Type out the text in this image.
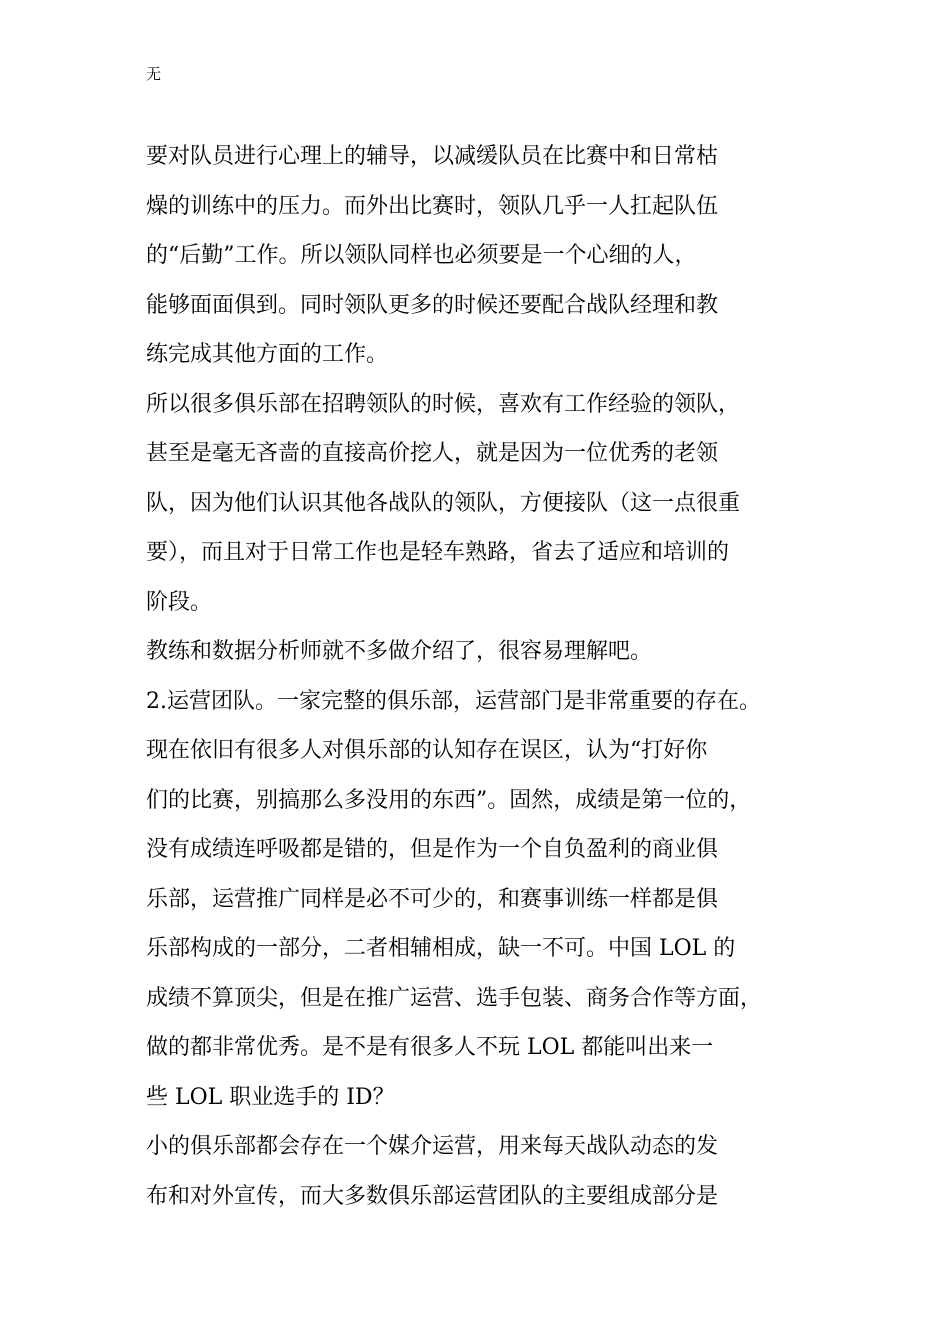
无
要对队员进行心理上的辅导，以减缓队员在比赛中和日常枯
燥的训练中的压力。而外出比赛时，领队几乎一人扛起队伍
的“后勤”工作。所以领队同样也必须要是一个心细的人，
能够面面俱到。同时领队更多的时候还要配合战队经理和教
练完成其他方面的工作。
所以很多俱乐部在招聘领队的时候，喜欢有工作经验的领队，
甚至是毫无吝啬的直接高价挖人，就是因为一位优秀的老领
队，因为他们认识其他各战队的领队，方便接队（这一点很重
要），而且对于日常工作也是轻车熟路，省去了适应和培训的
阶段。
教练和数据分析师就不多做介绍了，很容易理解吧。
2.运营团队。一家完整的俱乐部，运营部门是非常重要的存在。
现在依旧有很多人对俱乐部的认知存在误区，认为“打好你
们的比赛，别搞那么多没用的东西”。固然，成绩是第一位的，
没有成绩连呼吸都是错的，但是作为一个自负盈利的商业俱
乐部，运营推广同样是必不可少的，和赛事训练一样都是俱
乐部构成的一部分，二者相辅相成，缺一不可。中国 LOL 的
成绩不算顶尖，但是在推广运营、选手包装、商务合作等方面，
做的都非常优秀。是不是有很多人不玩 LOL 都能叫出来一
些 LOL 职业选手的 ID？
小的俱乐部都会存在一个媒介运营，用来每天战队动态的发
布和对外宣传，而大多数俱乐部运营团队的主要组成部分是
